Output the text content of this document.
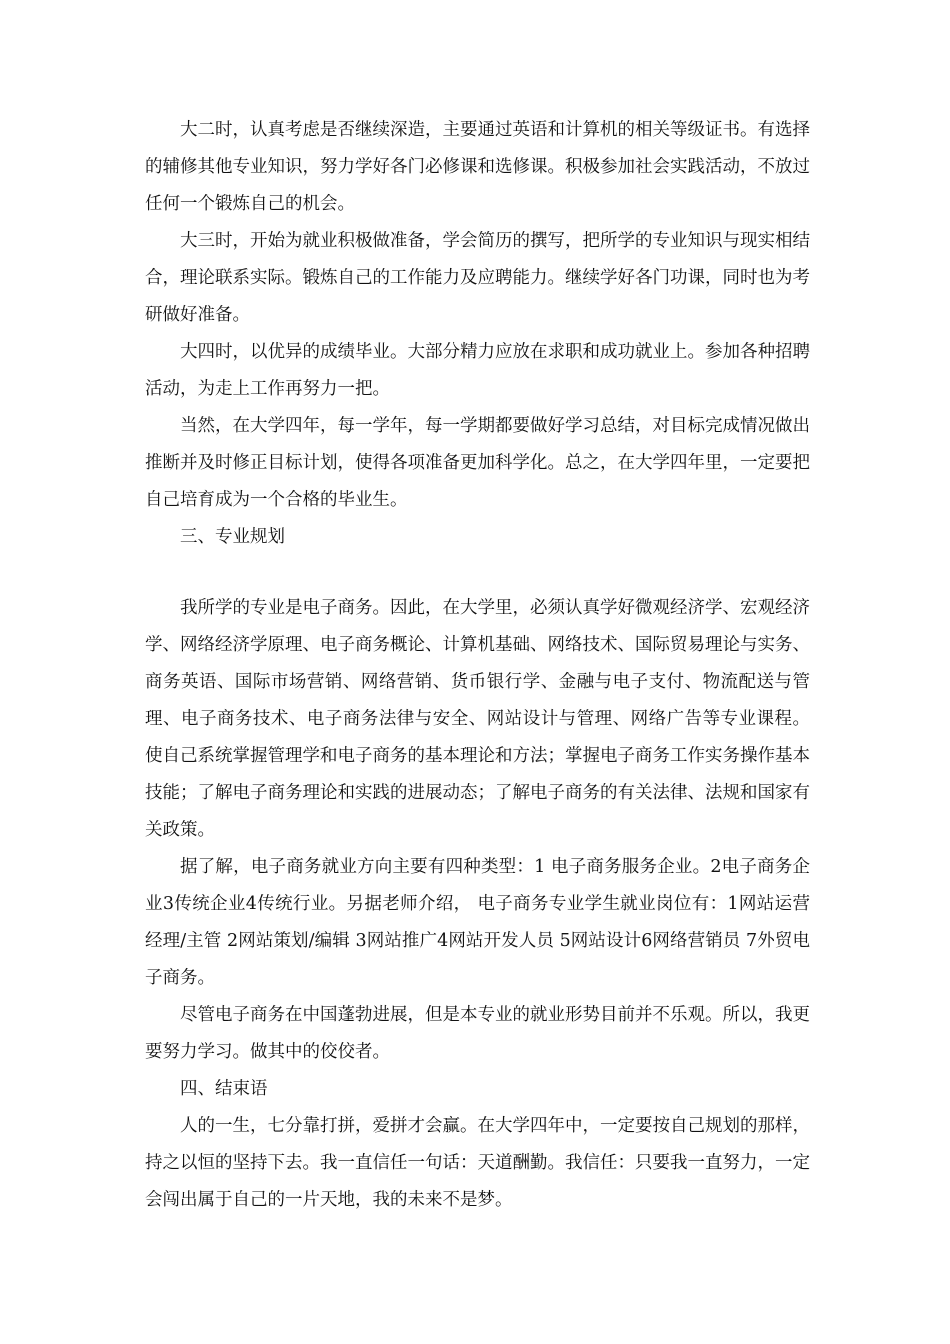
大二时，认真考虑是否继续深造，主要通过英语和计算机的相关等级证书。有选择的辅修其他专业知识，努力学好各门必修课和选修课。积极参加社会实践活动，不放过任何一个锻炼自己的机会。

大三时，开始为就业积极做准备，学会简历的撰写，把所学的专业知识与现实相结合，理论联系实际。锻炼自己的工作能力及应聘能力。继续学好各门功课，同时也为考研做好准备。

大四时，以优异的成绩毕业。大部分精力应放在求职和成功就业上。参加各种招聘活动，为走上工作再努力一把。

当然，在大学四年，每一学年，每一学期都要做好学习总结，对目标完成情况做出推断并及时修正目标计划，使得各项准备更加科学化。总之，在大学四年里，一定要把自己培育成为一个合格的毕业生。

三、专业规划

我所学的专业是电子商务。因此，在大学里，必须认真学好微观经济学、宏观经济学、网络经济学原理、电子商务概论、计算机基础、网络技术、国际贸易理论与实务、商务英语、国际市场营销、网络营销、货币银行学、金融与电子支付、物流配送与管理、电子商务技术、电子商务法律与安全、网站设计与管理、网络广告等专业课程。 使自己系统掌握管理学和电子商务的基本理论和方法；掌握电子商务工作实务操作基本技能；了解电子商务理论和实践的进展动态；了解电子商务的有关法律、法规和国家有关政策。

据了解，电子商务就业方向主要有四种类型：1 电子商务服务企业。2电子商务企业3传统企业4传统行业。另据老师介绍， 电子商务专业学生就业岗位有：1网站运营经理/主管 2网站策划/编辑 3网站推广4网站开发人员 5网站设计6网络营销员 7外贸电子商务。

尽管电子商务在中国蓬勃进展，但是本专业的就业形势目前并不乐观。所以，我更要努力学习。做其中的佼佼者。

四、结束语

人的一生，七分靠打拼，爱拼才会赢。在大学四年中，一定要按自己规划的那样，持之以恒的坚持下去。我一直信任一句话：天道酬勤。我信任：只要我一直努力，一定会闯出属于自己的一片天地，我的未来不是梦。
